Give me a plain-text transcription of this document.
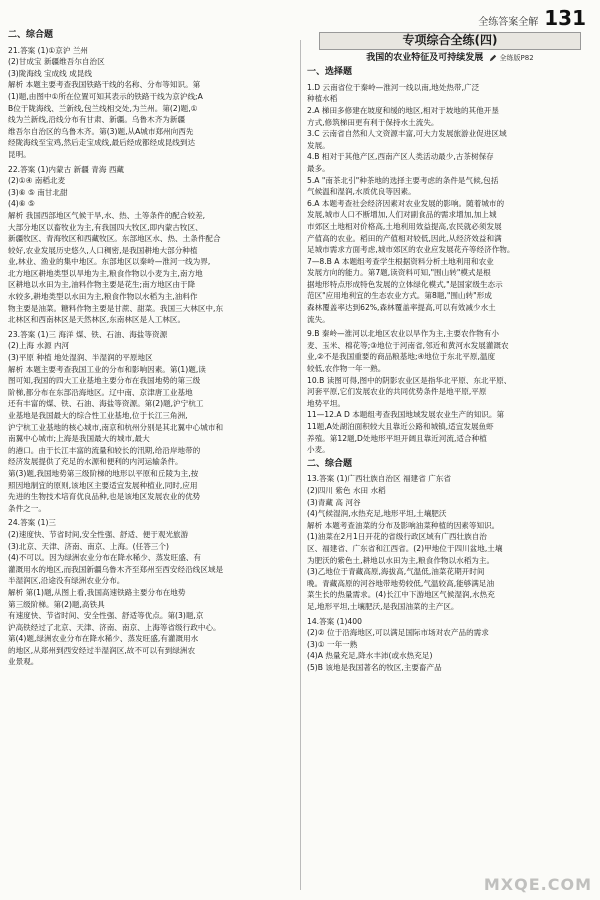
全练答案全解 131
二、综合题
21.答案 (1)①京沪 兰州
(2)甘成宝 新疆维吾尔自治区
(3)陇海线 宝成线 成昆线
解析 本题主要考查我国铁路干线的名称、分布等知识。第
(1)题,由图中①所在位置可知其表示的铁路干线为京沪线;A
B位于陇海线、兰新线,包兰线相交处,为兰州。第(2)题,①
线为兰新线,沿线分布有甘肃、新疆。乌鲁木齐为新疆
维吾尔自治区的乌鲁木齐。第(3)题,从A城市郑州向西先
经陇海线至宝鸡,然后走宝成线,最后经成都经成昆线到达
昆明。
22.答案 (1)内蒙古 新疆 青海 西藏
(2)①④ 南稻北麦
(3)⑥ ⑤ 南甘北甜
(4)⑥ ⑤
解析 我国西部地区气候干旱,水、热、土等条件的配合较差,
大部分地区以畜牧业为主,有我国四大牧区,即内蒙古牧区、
新疆牧区、青海牧区和西藏牧区。东部地区水、热、土条件配合
较好,农业发展历史悠久,人口稠密,是我国耕地大部分种植
业,林业、渔业的集中地区。东部地区以秦岭—淮河一线为界,
北方地区耕地类型以旱地为主,粮食作物以小麦为主,南方地
区耕地以水田为主,油料作物主要是花生;南方地区由于降
水较多,耕地类型以水田为主,粮食作物以水稻为主,油料作
物主要是油菜。糖料作物主要是甘蔗、甜菜。我国三大林区中,东
北林区和西南林区是天然林区,东南林区是人工林区。
23.答案 (1)三 海洋 煤、铁、石油、海盐等资源
(2)上海 水源 内河
(3)平原 种植 地处湿润、半湿润的平原地区
解析 本题主要考查我国工业的分布和影响因素。第(1)题,读
图可知,我国的四大工业基地主要分布在我国地势的第三级
阶梯,都分布在东部沿海地区。辽中南、京津唐工业基地
还有丰富的煤、铁、石油、海盐等资源。第(2)题,沪宁杭工
业基地是我国最大的综合性工业基地,位于长江三角洲,
沪宁杭工业基地的核心城市,南京和杭州分别是其北翼中心城市和
南翼中心城市;上海是我国最大的城市,最大
的港口。由于长江丰富的流量和较长的汛期,给沿岸地带的
经济发展提供了充足的水源和便利的内河运输条件。
第(3)题,我国地势第三级阶梯的地形以平原和丘陵为主,按
照因地制宜的原则,该地区主要适宜发展种植业,同时,应用
先进的生物技术培育优良品种,也是该地区发展农业的优势
条件之一。
24.答案 (1)三
(2)速度快、节省时间,安全性强、舒适、便于观光旅游
(3)北京、天津、济南、南京、上海。(任答三个)
(4)不可以。因为绿洲农业分布在降水稀少、蒸发旺盛、有
灌溉用水的地区,而我国新疆乌鲁木齐至郑州至西安经沿线区域是
半湿润区,沿途没有绿洲农业分布。
解析 第(1)题,从图上看,我国高速铁路主要分布在地势
第三级阶梯。第(2)题,高铁具
有速度快、节省时间、安全性强、舒适等优点。第(3)题,京
沪高铁经过了北京、天津、济南、南京、上海等省级行政中心。
第(4)题,绿洲农业分布在降水稀少、蒸发旺盛,有灌溉用水
的地区,从郑州到西安经过半湿润区,故不可以有到绿洲农
业景观。
专项综合全练(四)
我国的农业特征及可持续发展	全练版P82
一、选择题
1.D 云南省位于秦岭—淮河一线以南,地处热带,广泛
种植水稻
2.A 梯田多修建在坡度和缓的地区,相对于坡地的其他开垦
方式,修筑梯田更有利于保持水土流失。
3.C 云南省自然和人文资源丰富,可大力发展旅游业促进区域
发展。
4.B 相对于其他产区,西南产区人类活动最少,古茶树保存
最多。
5.A "南茶北引"种茶地的选择主要考虑的条件是气候,包括
气候温和湿润,水质优良等因素。
6.A 本题考查社会经济因素对农业发展的影响。随着城市的
发展,城市人口不断增加,人们对副食品的需求增加,加上城
市郊区土地相对价格高,土地利用效益提高,农民就必须发展
产值高的农业。稻田的产值相对较低,因此,从经济效益和满
足城市需求方面考虑,城市郊区的农业应发展花卉等经济作物。
7—8.B A 本题组考查学生根据资料分析土地利用和农业
发展方向的能力。第7题,读资料可知,"围山转"模式是根
据地形特点形成特色发展的立体绿化模式,"是国家级生态示
范区"应用地利宜的生态农业方式。第8题,"围山转"形成
森林覆盖率达到62%,森林覆盖率提高,可以有效减少水土
流失。
9.B 秦岭—淮河以北地区农业以旱作为主,主要农作物有小
麦、玉米、棉花等;③地位于河南省,邻近和黄河水发展灌溉农
业,②不是我国重要的商品粮基地;④地位于东北平原,温度
较低,农作物一年一熟。
10.B 读图可得,图中的阴影农业区是指华北平原、东北平原、
河套平原,它们发展农业的共同优势条件是地平原,平原
地势平坦。
11—12.A D 本题组考查我国地域发展农业生产的知识。第
11题,A处湖泊面积较大且靠近公路和城镇,适宜发展鱼虾
养殖。第12题,D处地形平坦开阔且靠近河流,适合种植
小麦。
二、综合题
13.答案 (1)广西壮族自治区 福建省 广东省
(2)四川 紫色 水田 水稻
(3)青藏 高 河谷
(4)气候湿润,水热充足,地形平坦,土壤肥沃
解析 本题考查油菜的分布及影响油菜种植的因素等知识。
(1)油菜在2月1日开花的省级行政区域有广西壮族自治
区、福建省、广东省和江西省。(2)甲地位于四川盆地,土壤
为肥沃的紫色土,耕地以水田为主,粮食作物以水稻为主。
(3)乙地位于青藏高原,海拔高,气温低,油菜花期开时间
晚。青藏高原的河谷地带地势较低,气温较高,能够满足油
菜生长的热量需求。(4)长江中下游地区气候湿润,水热充
足,地形平坦,土壤肥沃,是我国油菜的主产区。
14.答案 (1)400
(2)② 位于沿海地区,可以满足国际市场对农产品的需求
(3)① 一年一熟
(4)A 热量充足,降水丰沛(或水热充足)
(5)B 该地是我国著名的牧区,主要畜产品
MXQE.COM
